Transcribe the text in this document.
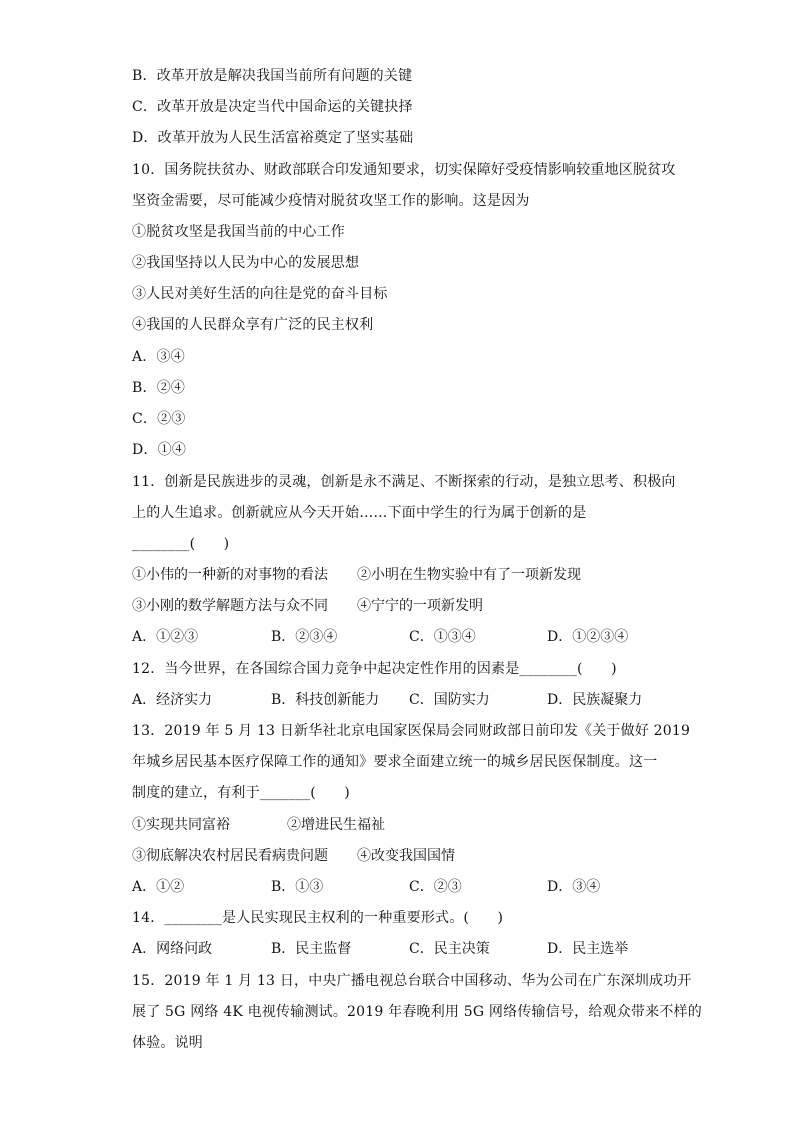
B．改革开放是解决我国当前所有问题的关键
C．改革开放是决定当代中国命运的关键抉择
D．改革开放为人民生活富裕奠定了坚实基础
10．国务院扶贫办、财政部联合印发通知要求，切实保障好受疫情影响较重地区脱贫攻
坚资金需要，尽可能减少疫情对脱贫攻坚工作的影响。这是因为
①脱贫攻坚是我国当前的中心工作
②我国坚持以人民为中心的发展思想
③人民对美好生活的向往是党的奋斗目标
④我国的人民群众享有广泛的民主权利
A．③④
B．②④
C．②③
D．①④
11．创新是民族进步的灵魂，创新是永不满足、不断探索的行动，是独立思考、积极向
上的人生追求。创新就应从今天开始……下面中学生的行为属于创新的是
________(　　)
①小伟的一种新的对事物的看法 ②小明在生物实验中有了一项新发现
③小刚的数学解题方法与众不同 ④宁宁的一项新发明
A．①②③	B．②③④	C．①③④	D．①②③④
12．当今世界，在各国综合国力竞争中起决定性作用的因素是________(　　)
A．经济实力	B．科技创新能力 C．国防实力	D．民族凝聚力
13．2019 年 5 月 13 日新华社北京电国家医保局会同财政部日前印发《关于做好 2019
年城乡居民基本医疗保障工作的通知》要求全面建立统一的城乡居民医保制度。这一
制度的建立，有利于_______(　　)
①实现共同富裕	②增进民生福祉
③彻底解决农村居民看病贵问题 ④改变我国国情
A．①②	B．①③	C．②③	D．③④
14．________是人民实现民主权利的一种重要形式。(　　)
A．网络问政	B．民主监督	C．民主决策	D．民主选举
15．2019 年 1 月 13 日，中央广播电视总台联合中国移动、华为公司在广东深圳成功开
展了 5G 网络 4K 电视传输测试。2019 年春晚利用 5G 网络传输信号，给观众带来不样的
体验。说明
